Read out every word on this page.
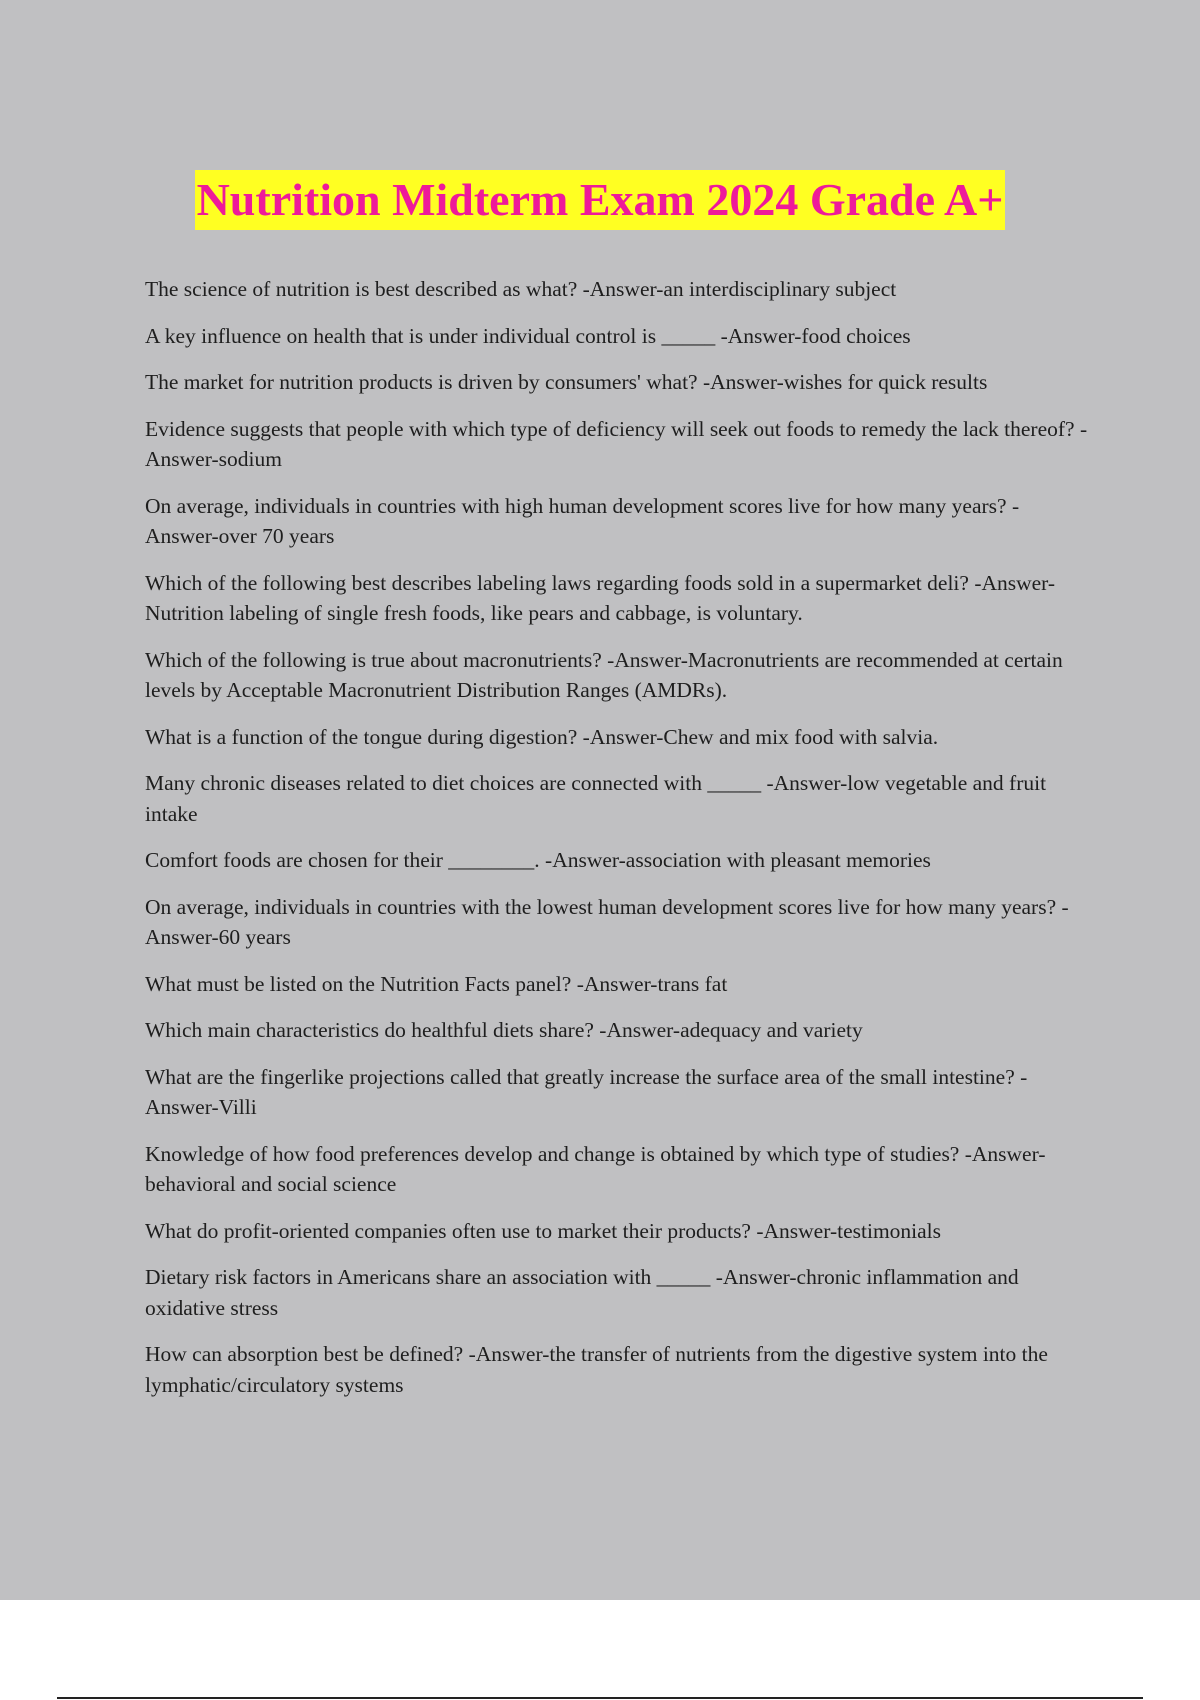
Nutrition Midterm Exam 2024 Grade A+
The science of nutrition is best described as what? -Answer-an interdisciplinary subject
A key influence on health that is under individual control is _____ -Answer-food choices
The market for nutrition products is driven by consumers' what? -Answer-wishes for quick results
Evidence suggests that people with which type of deficiency will seek out foods to remedy the lack thereof? -Answer-sodium
On average, individuals in countries with high human development scores live for how many years? -Answer-over 70 years
Which of the following best describes labeling laws regarding foods sold in a supermarket deli? -Answer-Nutrition labeling of single fresh foods, like pears and cabbage, is voluntary.
Which of the following is true about macronutrients? -Answer-Macronutrients are recommended at certain levels by Acceptable Macronutrient Distribution Ranges (AMDRs).
What is a function of the tongue during digestion? -Answer-Chew and mix food with salvia.
Many chronic diseases related to diet choices are connected with _____ -Answer-low vegetable and fruit intake
Comfort foods are chosen for their ________. -Answer-association with pleasant memories
On average, individuals in countries with the lowest human development scores live for how many years? -Answer-60 years
What must be listed on the Nutrition Facts panel? -Answer-trans fat
Which main characteristics do healthful diets share? -Answer-adequacy and variety
What are the fingerlike projections called that greatly increase the surface area of the small intestine? -Answer-Villi
Knowledge of how food preferences develop and change is obtained by which type of studies? -Answer-behavioral and social science
What do profit-oriented companies often use to market their products? -Answer-testimonials
Dietary risk factors in Americans share an association with _____ -Answer-chronic inflammation and oxidative stress
How can absorption best be defined? -Answer-the transfer of nutrients from the digestive system into the lymphatic/circulatory systems
